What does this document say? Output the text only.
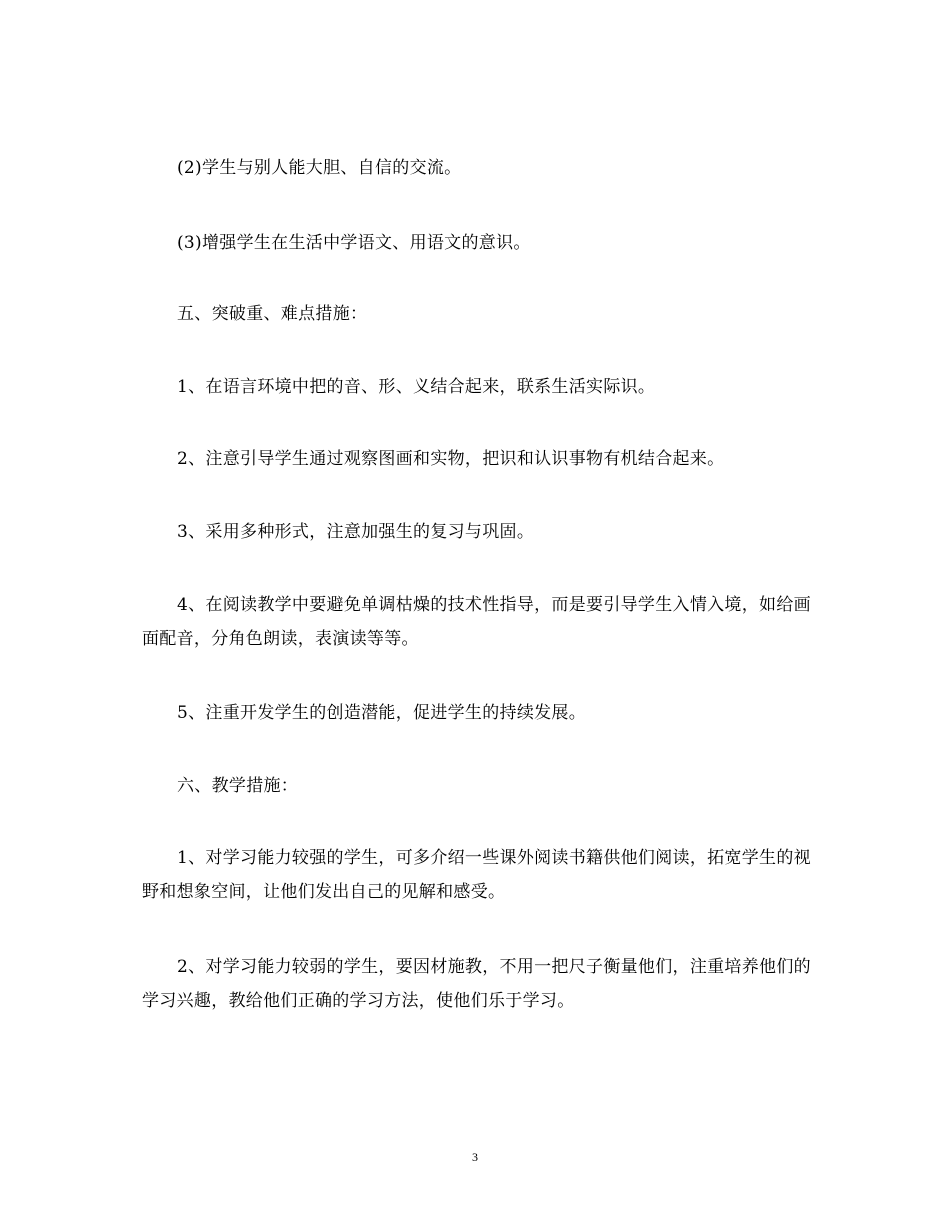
(2)学生与别人能大胆、自信的交流。
(3)增强学生在生活中学语文、用语文的意识。
五、突破重、难点措施：
1、在语言环境中把的音、形、义结合起来，联系生活实际识。
2、注意引导学生通过观察图画和实物，把识和认识事物有机结合起来。
3、采用多种形式，注意加强生的复习与巩固。
4、在阅读教学中要避免单调枯燥的技术性指导，而是要引导学生入情入境，如给画面配音，分角色朗读，表演读等等。
5、注重开发学生的创造潜能，促进学生的持续发展。
六、教学措施：
1、对学习能力较强的学生，可多介绍一些课外阅读书籍供他们阅读，拓宽学生的视野和想象空间，让他们发出自己的见解和感受。
2、对学习能力较弱的学生，要因材施教，不用一把尺子衡量他们，注重培养他们的学习兴趣，教给他们正确的学习方法，使他们乐于学习。
3
